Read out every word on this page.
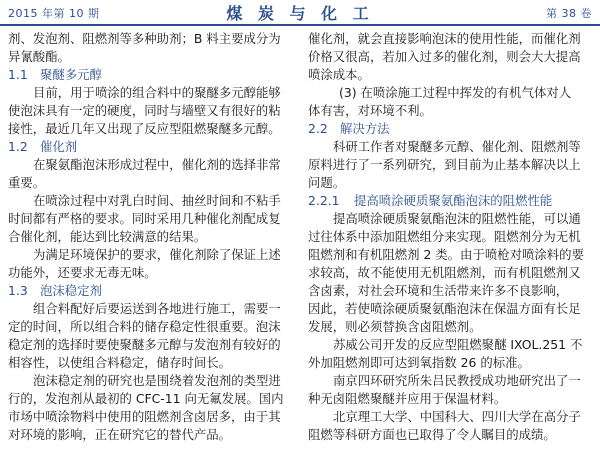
2015 年第 10 期	煤 炭 与 化 工	第 38 卷
剂、发泡剂、阻燃剂等多种助剂；B 料主要成分为
异氰酸酯。
1.1 聚醚多元醇
目前，用于喷涂的组合料中的聚醚多元醇能够
使泡沫具有一定的硬度，同时与墙壁又有很好的粘
接性，最近几年又出现了反应型阻燃聚醚多元醇。
1.2 催化剂
在聚氨酯泡沫形成过程中，催化剂的选择非常
重要。
在喷涂过程中对乳白时间、抽丝时间和不粘手
时间都有严格的要求。同时采用几种催化剂配成复
合催化剂，能达到比较满意的结果。
为满足环境保护的要求，催化剂除了保证上述
功能外，还要求无毒无味。
1.3 泡沫稳定剂
组合料配好后要运送到各地进行施工，需要一
定的时间，所以组合料的储存稳定性很重要。泡沫
稳定剂的选择时要使聚醚多元醇与发泡剂有较好的
相容性，以使组合料稳定，储存时间长。
泡沫稳定剂的研究也是围绕着发泡剂的类型进
行的，发泡剂从最初的 CFC-11 向无氟发展。国内
市场中喷涂物料中使用的阻燃剂含卤居多，由于其
对环境的影响，正在研究它的替代产品。
催化剂，就会直接影响泡沫的使用性能，而催化剂
价格又很高，若加入过多的催化剂，则会大大提高
喷涂成本。
(3) 在喷涂施工过程中挥发的有机气体对人
体有害，对环境不利。
2.2 解决方法
科研工作者对聚醚多元醇、催化剂、阻燃剂等
原料进行了一系列研究，到目前为止基本解决以上
问题。
2.2.1 提高喷涂硬质聚氨酯泡沫的阻燃性能
提高喷涂硬质聚氨酯泡沫的阻燃性能，可以通
过往体系中添加阻燃组分来实现。阻燃剂分为无机
阻燃剂和有机阻燃剂 2 类。由于喷枪对喷涂料的要
求较高，故不能使用无机阻燃剂，而有机阻燃剂又
含卤素，对社会环境和生活带来许多不良影响，
因此，若使喷涂硬质聚氨酯泡沫在保温方面有长足
发展，则必须替换含卤阻燃剂。
苏威公司开发的反应型阻燃聚醚 IXOL.251 不
外加阻燃剂即可达到氧指数 26 的标准。
南京四环研究所朱吕民教授成功地研究出了一
种无卤阻燃聚醚并应用于保温材料。
北京理工大学、中国科大、四川大学在高分子
阻燃等科研方面也已取得了令人瞩目的成绩。
